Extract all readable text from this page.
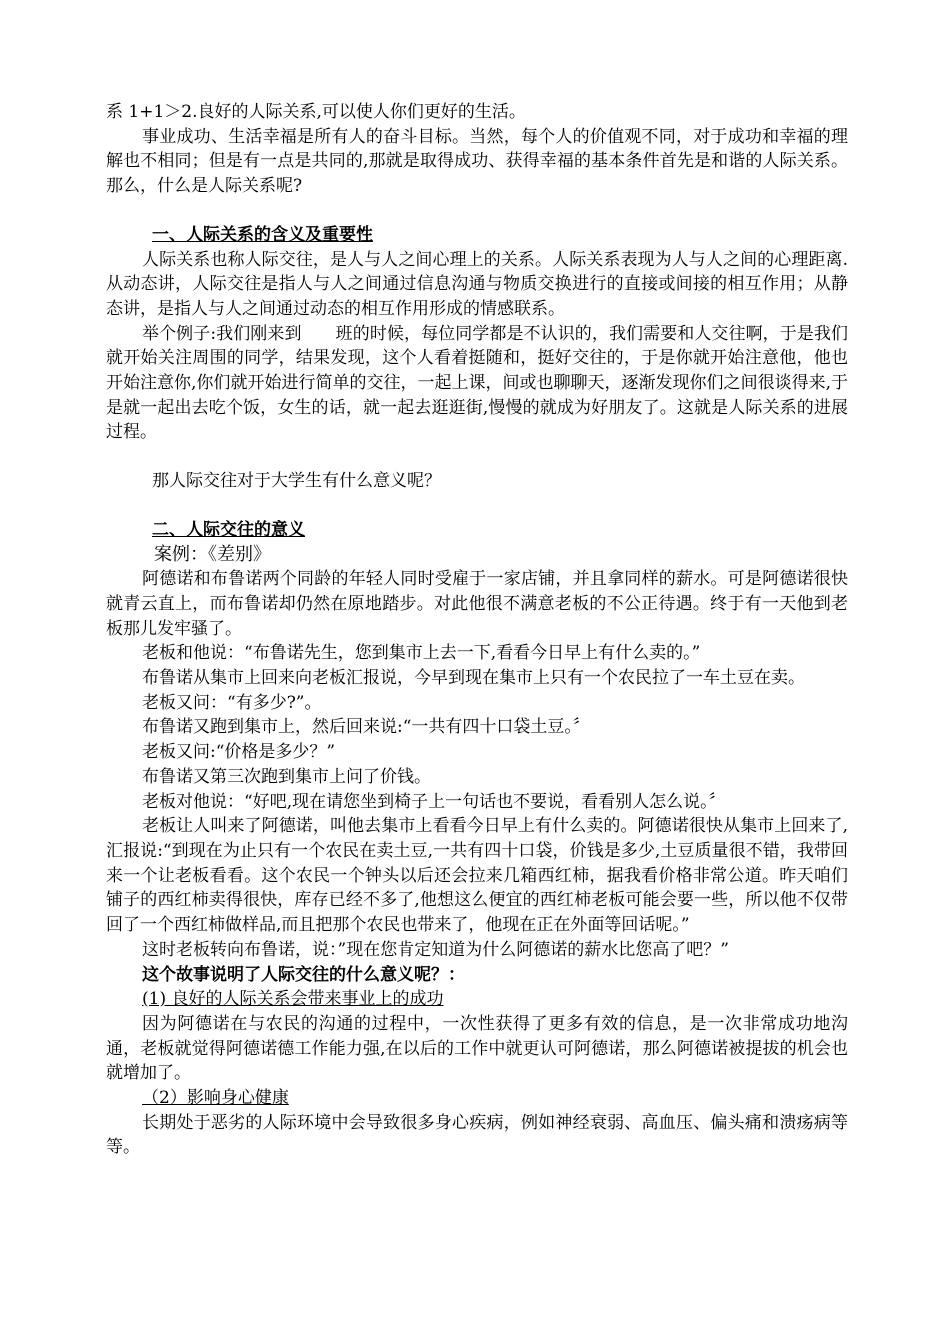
系 1+1＞2.良好的人际关系,可以使人你们更好的生活。

事业成功、生活幸福是所有人的奋斗目标。当然，每个人的价值观不同，对于成功和幸福的理解也不相同；但是有一点是共同的,那就是取得成功、获得幸福的基本条件首先是和谐的人际关系。那么，什么是人际关系呢?

一、人际关系的含义及重要性

人际关系也称人际交往，是人与人之间心理上的关系。人际关系表现为人与人之间的心理距离.从动态讲，人际交往是指人与人之间通过信息沟通与物质交换进行的直接或间接的相互作用；从静态讲，是指人与人之间通过动态的相互作用形成的情感联系。

举个例子:我们刚来到　　班的时候，每位同学都是不认识的，我们需要和人交往啊，于是我们就开始关注周围的同学，结果发现，这个人看着挺随和，挺好交往的，于是你就开始注意他，他也开始注意你,你们就开始进行简单的交往，一起上课，间或也聊聊天，逐渐发现你们之间很谈得来,于是就一起出去吃个饭，女生的话，就一起去逛逛街,慢慢的就成为好朋友了。这就是人际关系的进展过程。

那人际交往对于大学生有什么意义呢？

二、人际交往的意义

案例：《差别》

阿德诺和布鲁诺两个同龄的年轻人同时受雇于一家店铺，并且拿同样的薪水。可是阿德诺很快就青云直上，而布鲁诺却仍然在原地踏步。对此他很不满意老板的不公正待遇。终于有一天他到老板那儿发牢骚了。

老板和他说：“布鲁诺先生，您到集市上去一下,看看今日早上有什么卖的。”

布鲁诺从集市上回来向老板汇报说，今早到现在集市上只有一个农民拉了一车土豆在卖。

老板又问：“有多少?”。

布鲁诺又跑到集市上，然后回来说:“一共有四十口袋土豆。〞

老板又问:“价格是多少？”

布鲁诺又第三次跑到集市上问了价钱。

老板对他说：“好吧,现在请您坐到椅子上一句话也不要说，看看别人怎么说。〞

老板让人叫来了阿德诺，叫他去集市上看看今日早上有什么卖的。阿德诺很快从集市上回来了,汇报说:“到现在为止只有一个农民在卖土豆,一共有四十口袋，价钱是多少,土豆质量很不错，我带回来一个让老板看看。这个农民一个钟头以后还会拉来几箱西红柿，据我看价格非常公道。昨天咱们铺子的西红柿卖得很快，库存已经不多了,他想这么便宜的西红柿老板可能会要一些，所以他不仅带回了一个西红柿做样品,而且把那个农民也带来了，他现在正在外面等回话呢。”

这时老板转向布鲁诺，说：”现在您肯定知道为什么阿德诺的薪水比您高了吧？”

这个故事说明了人际交往的什么意义呢？：

(1) 良好的人际关系会带来事业上的成功

因为阿德诺在与农民的沟通的过程中，一次性获得了更多有效的信息，是一次非常成功地沟通，老板就觉得阿德诺德工作能力强,在以后的工作中就更认可阿德诺，那么阿德诺被提拔的机会也就增加了。

（2）影响身心健康

长期处于恶劣的人际环境中会导致很多身心疾病，例如神经衰弱、高血压、偏头痛和溃疡病等等。
